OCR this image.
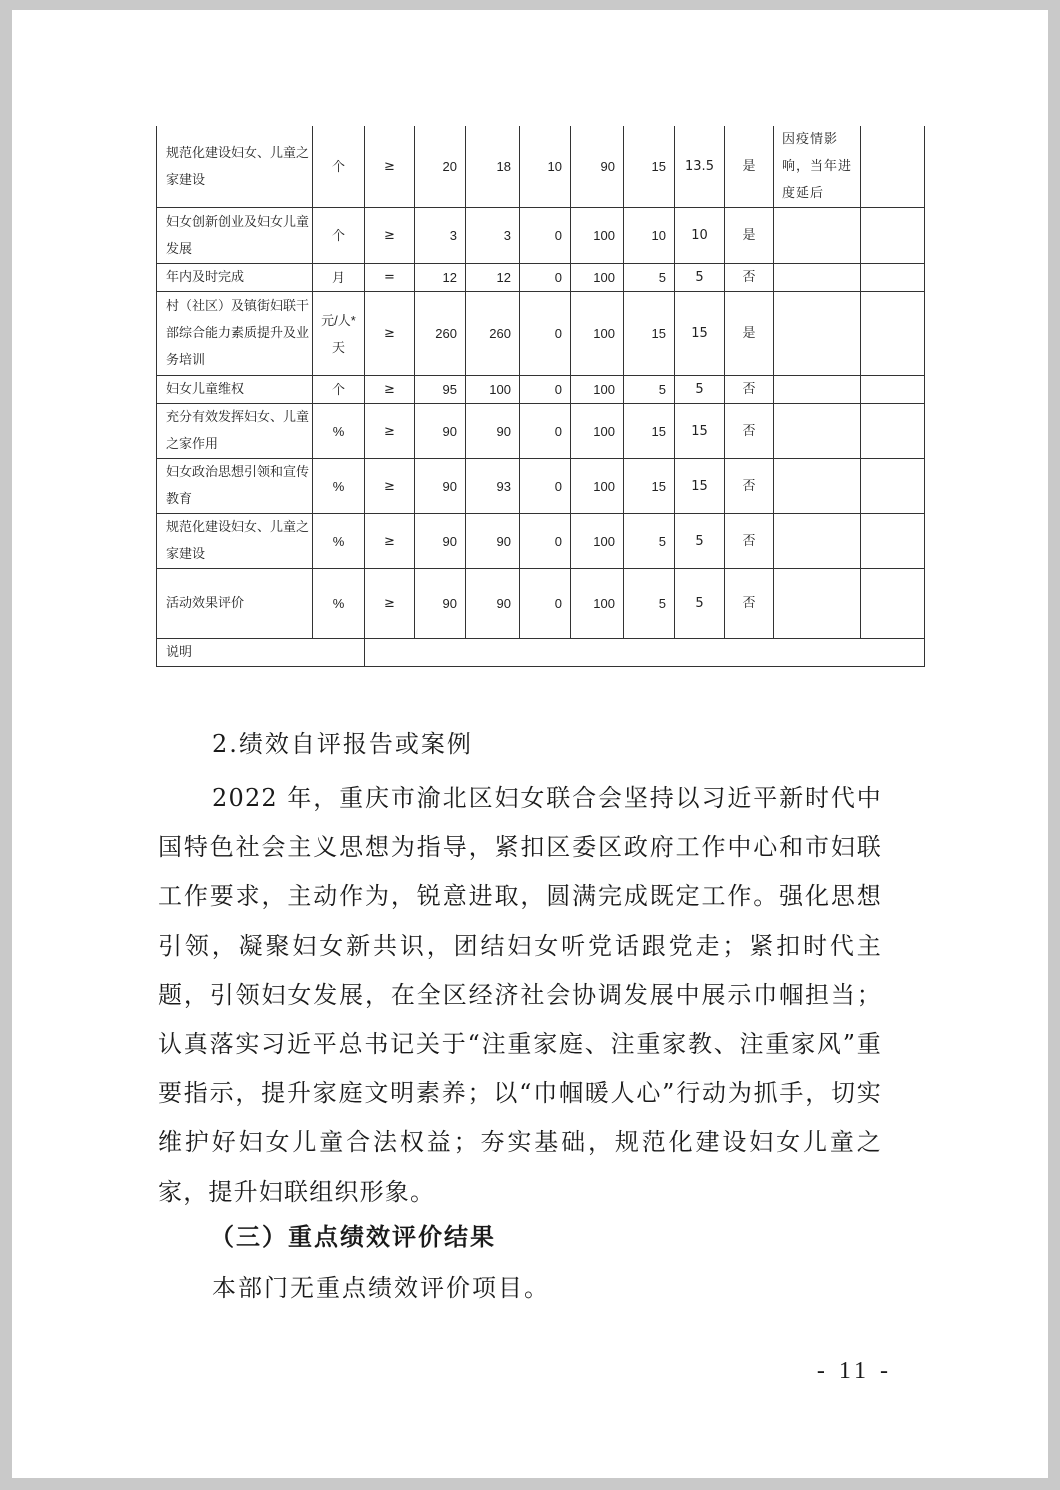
规范化建设妇女、儿童之家建设	个	≥	20	18	10	90	15	13.5	是	因疫情影响，当年进度延后	
妇女创新创业及妇女儿童发展	个	≥	3	3	0	100	10	10	是		
年内及时完成	月	=	12	12	0	100	5	5	否		
村（社区）及镇街妇联干部综合能力素质提升及业务培训	元/人*天	≥	260	260	0	100	15	15	是		
妇女儿童维权	个	≥	95	100	0	100	5	5	否		
充分有效发挥妇女、儿童之家作用	%	≥	90	90	0	100	15	15	否		
妇女政治思想引领和宣传教育	%	≥	90	93	0	100	15	15	否		
规范化建设妇女、儿童之家建设	%	≥	90	90	0	100	5	5	否		
活动效果评价	%	≥	90	90	0	100	5	5	否		
说明											
2.绩效自评报告或案例
2022 年，重庆市渝北区妇女联合会坚持以习近平新时代中国特色社会主义思想为指导，紧扣区委区政府工作中心和市妇联工作要求，主动作为，锐意进取，圆满完成既定工作。强化思想引领，凝聚妇女新共识，团结妇女听党话跟党走；紧扣时代主题，引领妇女发展，在全区经济社会协调发展中展示巾帼担当；认真落实习近平总书记关于“注重家庭、注重家教、注重家风”重要指示，提升家庭文明素养；以“巾帼暖人心”行动为抓手，切实维护好妇女儿童合法权益；夯实基础，规范化建设妇女儿童之家，提升妇联组织形象。
（三）重点绩效评价结果
本部门无重点绩效评价项目。
- 11 -
